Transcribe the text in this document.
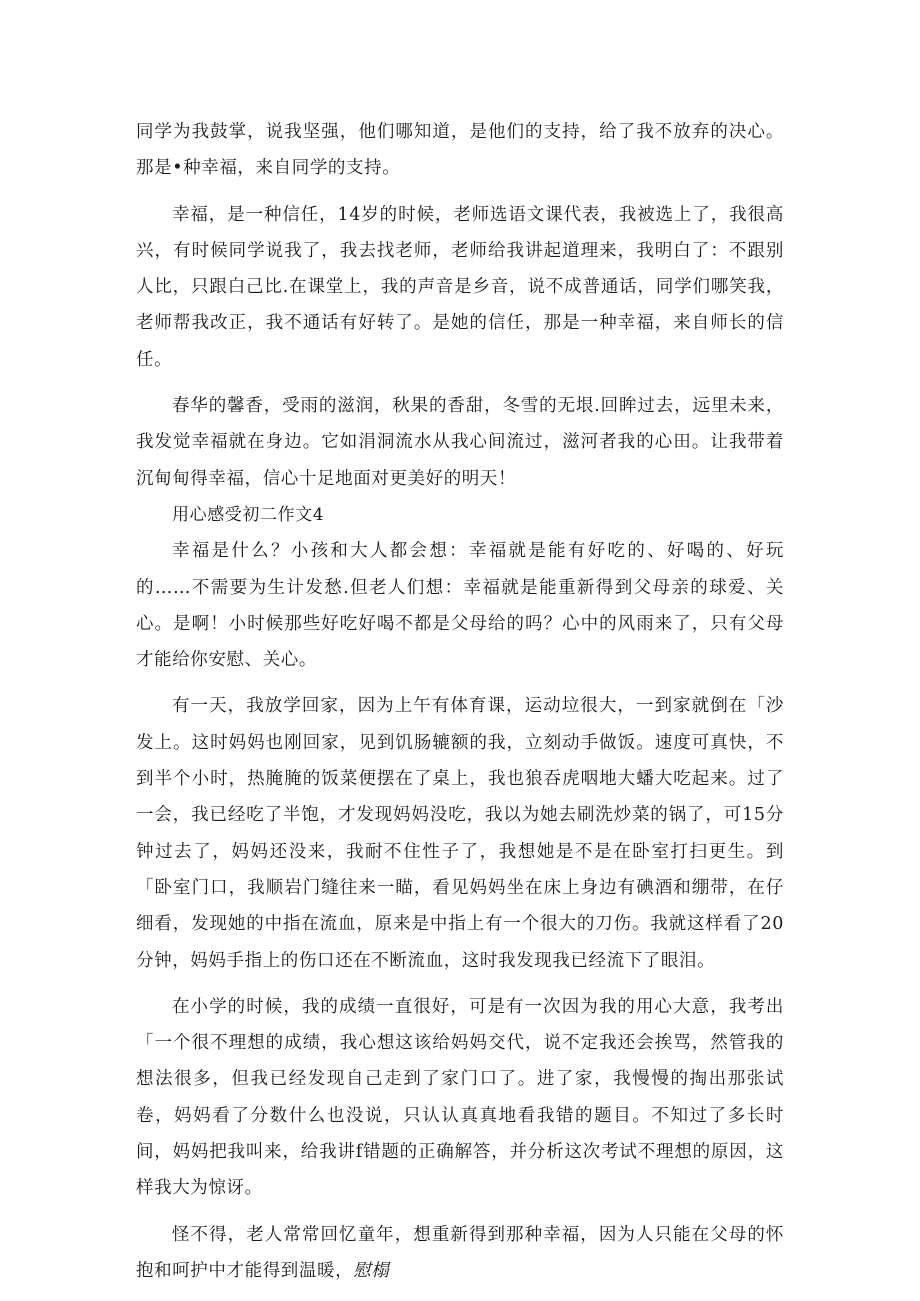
同学为我鼓掌，说我坚强，他们哪知道，是他们的支持，给了我不放弃的决心。那是•种幸福，来自同学的支持。

幸福，是一种信任，14岁的时候，老师选语文课代表，我被选上了，我很高兴，有时候同学说我了，我去找老师，老师给我讲起道理来，我明白了：不跟别人比，只跟白己比.在课堂上，我的声音是乡音，说不成普通话，同学们哪笑我，老师帮我改正，我不通话有好转了。是她的信任，那是一种幸福，来自师长的信任。

春华的馨香，受雨的滋润，秋果的香甜，冬雪的无垠.回眸过去，远里未来，我发觉幸福就在身边。它如涓洞流水从我心间流过，滋河者我的心田。让我带着沉甸甸得幸福，信心十足地面对更美好的明天！

用心感受初二作文4

幸福是什么？小孩和大人都会想：幸福就是能有好吃的、好喝的、好玩的……不需要为生计发愁.但老人们想：幸福就是能重新得到父母亲的球爱、关心。是啊！小时候那些好吃好喝不都是父母给的吗？心中的风雨来了，只有父母才能给你安慰、关心。

有一天，我放学回家，因为上午有体育课，运动垃很大，一到家就倒在「沙发上。这时妈妈也刚回家，见到饥肠辘额的我，立刻动手做饭。速度可真快，不到半个小时，热腌腌的饭菜便摆在了桌上，我也狼吞虎咽地大蟠大吃起来。过了一会，我已经吃了半饱，才发现妈妈没吃，我以为她去刷洗炒菜的锅了，可15分钟过去了，妈妈还没来，我耐不住性子了，我想她是不是在卧室打扫更生。到「卧室门口，我顺岩门缝往来一瞄，看见妈妈坐在床上身边有碘酒和绷带，在仔细看，发现她的中指在流血，原来是中指上有一个很大的刀伤。我就这样看了20分钟，妈妈手指上的伤口还在不断流血，这时我发现我已经流下了眼泪。

在小学的时候，我的成绩一直很好，可是有一次因为我的用心大意，我考出「一个很不理想的成绩，我心想这该给妈妈交代，说不定我还会挨骂，然管我的想法很多，但我已经发现自己走到了家门口了。进了家，我慢慢的掏出那张试卷，妈妈看了分数什么也没说，只认认真真地看我错的题目。不知过了多长时间，妈妈把我叫来，给我讲f错题的正确解答，并分析这次考试不理想的原因，这样我大为惊讶。

怪不得，老人常常回忆童年，想重新得到那种幸福，因为人只能在父母的怀抱和呵护中才能得到温暖，慰榻
